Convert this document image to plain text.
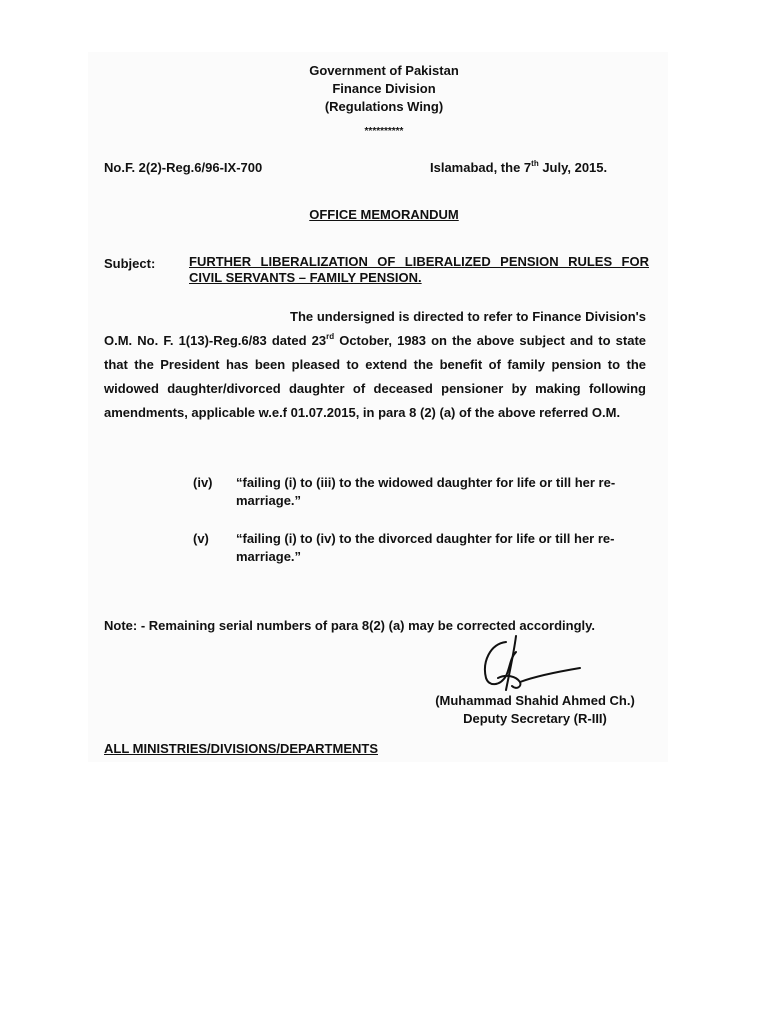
Government of Pakistan
Finance Division
(Regulations Wing)
**********
No.F. 2(2)-Reg.6/96-IX-700	Islamabad, the 7th July, 2015.
OFFICE MEMORANDUM
Subject:	FURTHER LIBERALIZATION OF LIBERALIZED PENSION RULES FOR CIVIL SERVANTS – FAMILY PENSION.
The undersigned is directed to refer to Finance Division's O.M. No. F. 1(13)-Reg.6/83 dated 23rd October, 1983 on the above subject and to state that the President has been pleased to extend the benefit of family pension to the widowed daughter/divorced daughter of deceased pensioner by making following amendments, applicable w.e.f 01.07.2015, in para 8 (2) (a) of the above referred O.M.
(iv) “failing (i) to (iii) to the widowed daughter for life or till her re-marriage.”
(v) “failing (i) to (iv) to the divorced daughter for life or till her re-marriage.”
Note: - Remaining serial numbers of para 8(2) (a) may be corrected accordingly.
(Muhammad Shahid Ahmed Ch.)
Deputy Secretary (R-III)
ALL MINISTRIES/DIVISIONS/DEPARTMENTS
